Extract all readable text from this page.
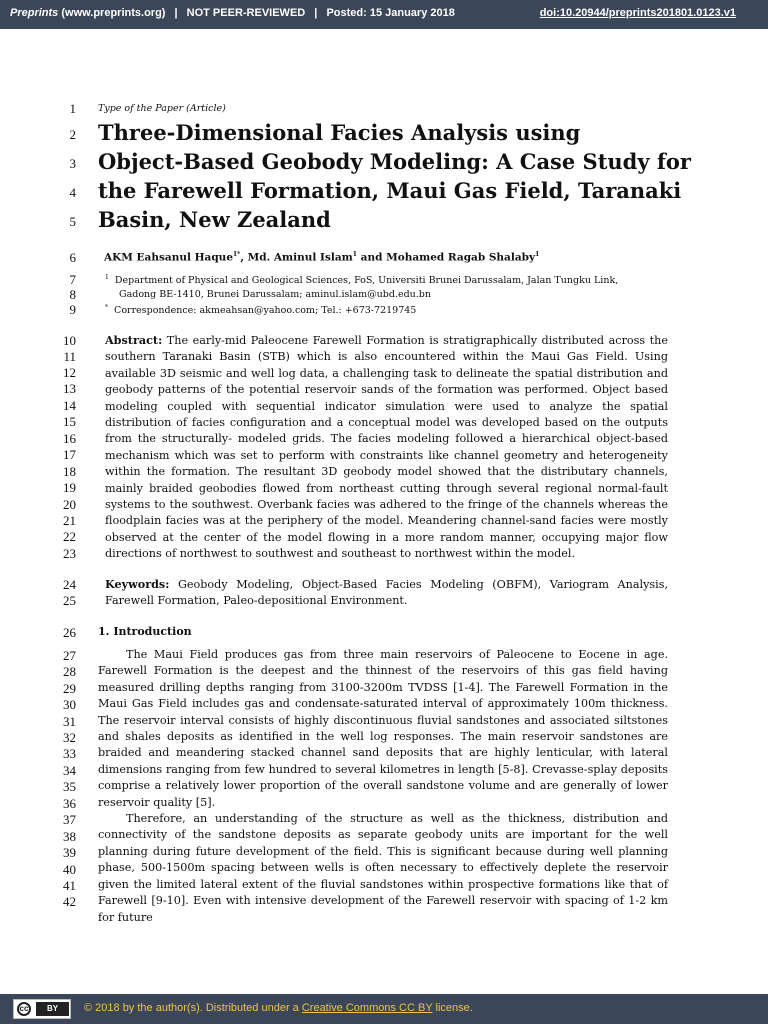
Preprints (www.preprints.org) | NOT PEER-REVIEWED | Posted: 15 January 2018	doi:10.20944/preprints201801.0123.v1
1
2
3
4
5
6
7
8
9
10
11
12
13
14
15
16
17
18
19
20
21
22
23
24
25
26
27
28
29
30
31
32
33
34
35
36
37
38
39
40
41
42
Type of the Paper (Article)
Three-Dimensional Facies Analysis using
Object-Based Geobody Modeling: A Case Study for
the Farewell Formation, Maui Gas Field, Taranaki
Basin, New Zealand
AKM Eahsanul Haque$^{1*}$, Md. Aminul Islam$^1$ and Mohamed Ragab Shalaby$^1$
$^1$ Department of Physical and Geological Sciences, FoS, Universiti Brunei Darussalam, Jalan Tungku Link,
Gadong BE-1410, Brunei Darussalam; aminul.islam@ubd.edu.bn
* Correspondence: akmeahsan@yahoo.com; Tel.: +673-7219745

Abstract: The early-mid Paleocene Farewell Formation is stratigraphically distributed across the southern Taranaki Basin (STB) which is also encountered within the Maui Gas Field. Using available 3D seismic and well log data, a challenging task to delineate the spatial distribution and geobody patterns of the potential reservoir sands of the formation was performed. Object based modeling coupled with sequential indicator simulation were used to analyze the spatial distribution of facies configuration and a conceptual model was developed based on the outputs from the structurally- modeled grids. The facies modeling followed a hierarchical object-based mechanism which was set to perform with constraints like channel geometry and heterogeneity within the formation. The resultant 3D geobody model showed that the distributary channels, mainly braided geobodies flowed from northeast cutting through several regional normal-fault systems to the southwest. Overbank facies was adhered to the fringe of the channels whereas the floodplain facies was at the periphery of the model. Meandering channel-sand facies were mostly observed at the center of the model flowing in a more random manner, occupying major flow directions of northwest to southwest and southeast to northwest within the model.

Keywords: Geobody Modeling, Object-Based Facies Modeling (OBFM), Variogram Analysis, Farewell Formation, Paleo-depositional Environment.

1. Introduction

The Maui Field produces gas from three main reservoirs of Paleocene to Eocene in age. Farewell Formation is the deepest and the thinnest of the reservoirs of this gas field having measured drilling depths ranging from 3100-3200m TVDSS [1-4]. The Farewell Formation in the Maui Gas Field includes gas and condensate-saturated interval of approximately 100m thickness. The reservoir interval consists of highly discontinuous fluvial sandstones and associated siltstones and shales deposits as identified in the well log responses. The main reservoir sandstones are braided and meandering stacked channel sand deposits that are highly lenticular, with lateral dimensions ranging from few hundred to several kilometres in length [5-8]. Crevasse-splay deposits comprise a relatively lower proportion of the overall sandstone volume and are generally of lower reservoir quality [5].

Therefore, an understanding of the structure as well as the thickness, distribution and connectivity of the sandstone deposits as separate geobody units are important for the well planning during future development of the field. This is significant because during well planning phase, 500-1500m spacing between wells is often necessary to effectively deplete the reservoir given the limited lateral extent of the fluvial sandstones within prospective formations like that of Farewell [9-10]. Even with intensive development of the Farewell reservoir with spacing of 1-2 km for future

cc	BY	© 2018 by the author(s). Distributed under a Creative Commons CC BY license.
